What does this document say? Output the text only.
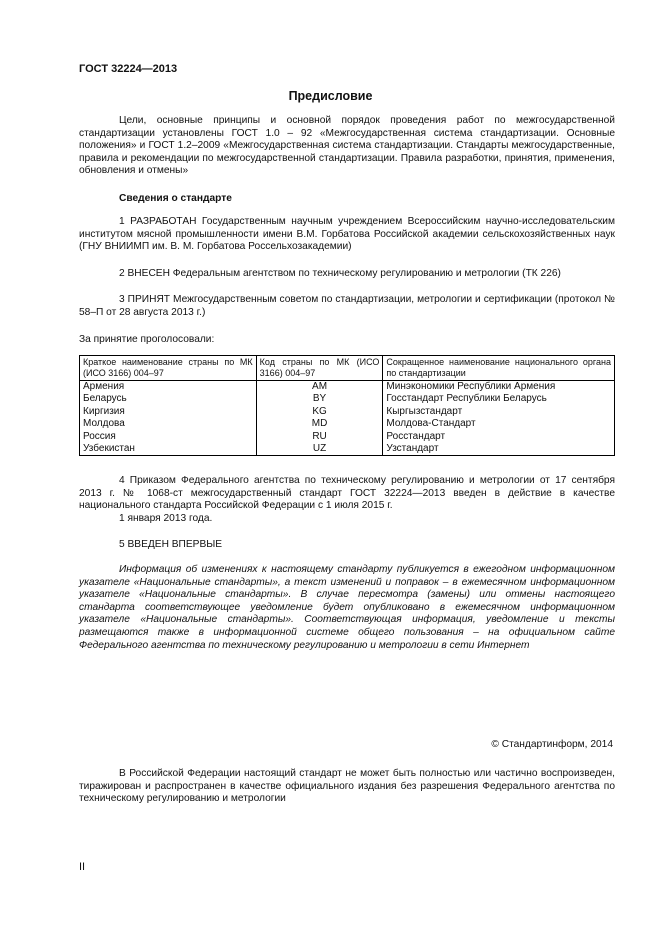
ГОСТ 32224—2013
Предисловие

Цели, основные принципы и основной порядок проведения работ по межгосударственной стандартизации установлены ГОСТ 1.0 – 92 «Межгосударственная система стандартизации. Основные положения» и ГОСТ 1.2–2009 «Межгосударственная система стандартизации. Стандарты межгосударственные, правила и рекомендации по межгосударственной стандартизации. Правила разработки, принятия, применения, обновления и отмены»

Сведения о стандарте

1 РАЗРАБОТАН Государственным научным учреждением Всероссийским научно-исследовательским институтом мясной промышленности имени В.М. Горбатова Российской академии сельскохозяйственных наук (ГНУ ВНИИМП им. В. М. Горбатова Россельхозакадемии)

2 ВНЕСЕН Федеральным агентством по техническому регулированию и метрологии (ТК 226)

3 ПРИНЯТ Межгосударственным советом по стандартизации, метрологии и сертификации (протокол № 58–П от 28 августа 2013 г.)

За принятие проголосовали:
Краткое наименование страны по МК (ИСО 3166) 004–97	Код страны по МК (ИСО 3166) 004–97	Сокращенное наименование национального органа по стандартизации
Армения	AM	Минэкономики Республики Армения
Беларусь	BY	Госстандарт Республики Беларусь
Киргизия	KG	Кыргызстандарт
Молдова	MD	Молдова-Стандарт
Россия	RU	Росстандарт
Узбекистан	UZ	Узстандарт

4 Приказом Федерального агентства по техническому регулированию и метрологии от 17 сентября 2013 г. № 1068-ст межгосударственный стандарт ГОСТ 32224—2013 введен в действие в качестве национального стандарта Российской Федерации с 1 июля 2015 г.

1 января 2013 года.

5 ВВЕДЕН ВПЕРВЫЕ

Информация об изменениях к настоящему стандарту публикуется в ежегодном информационном указателе «Национальные стандарты», а текст изменений и поправок – в ежемесячном информационном указателе «Национальные стандарты». В случае пересмотра (замены) или отмены настоящего стандарта соответствующее уведомление будет опубликовано в ежемесячном информационном указателе «Национальные стандарты». Соответствующая информация, уведомление и тексты размещаются также в информационной системе общего пользования – на официальном сайте Федерального агентства по техническому регулированию и метрологии в сети Интернет

© Стандартинформ, 2014

В Российской Федерации настоящий стандарт не может быть полностью или частично воспроизведен, тиражирован и распространен в качестве официального издания без разрешения Федерального агентства по техническому регулированию и метрологии

II
